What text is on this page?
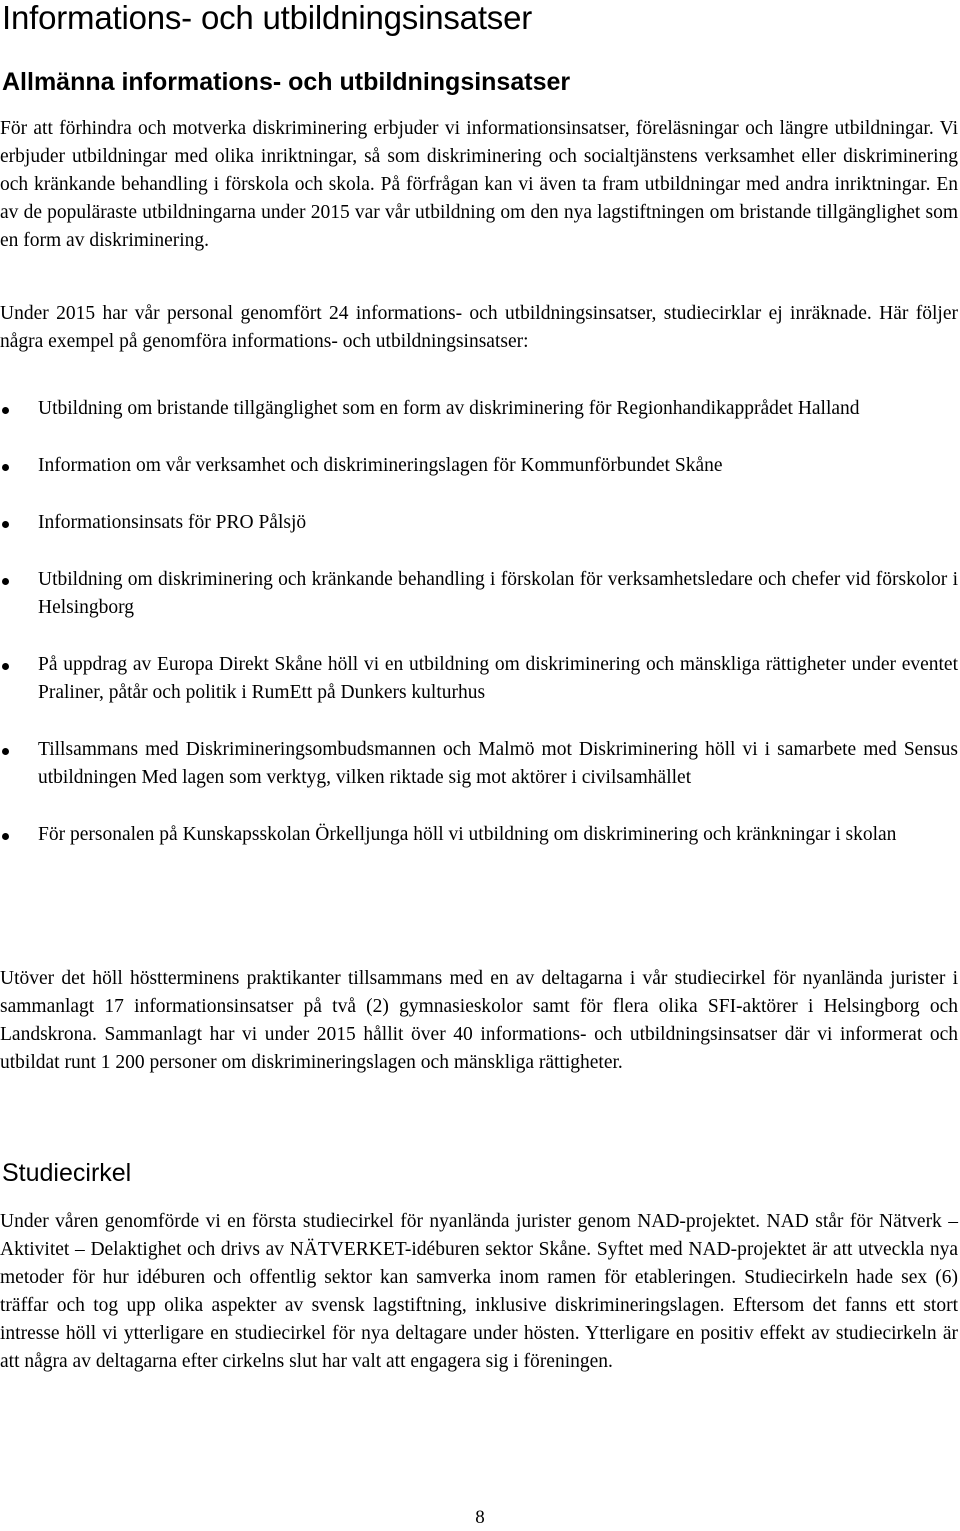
Informations- och utbildningsinsatser
Allmänna informations- och utbildningsinsatser

För att förhindra och motverka diskriminering erbjuder vi informationsinsatser, föreläsningar och längre utbildningar. Vi erbjuder utbildningar med olika inriktningar, så som diskriminering och socialtjänstens verksamhet eller diskriminering och kränkande behandling i förskola och skola. På förfrågan kan vi även ta fram utbildningar med andra inriktningar. En av de populäraste utbildningarna under 2015 var vår utbildning om den nya lagstiftningen om bristande tillgänglighet som en form av diskriminering.

Under 2015 har vår personal genomfört 24 informations- och utbildningsinsatser, studiecirklar ej inräknade. Här följer några exempel på genomföra informations- och utbildningsinsatser:

Utbildning om bristande tillgänglighet som en form av diskriminering för Regionhandikapprådet Halland
Information om vår verksamhet och diskrimineringslagen för Kommunförbundet Skåne
Informationsinsats för PRO Pålsjö
Utbildning om diskriminering och kränkande behandling i förskolan för verksamhetsledare och chefer vid förskolor i Helsingborg
På uppdrag av Europa Direkt Skåne höll vi en utbildning om diskriminering och mänskliga rättigheter under eventet Praliner, påtår och politik i RumEtt på Dunkers kulturhus
Tillsammans med Diskrimineringsombudsmannen och Malmö mot Diskriminering höll vi i samarbete med Sensus utbildningen Med lagen som verktyg, vilken riktade sig mot aktörer i civilsamhället
För personalen på Kunskapsskolan Örkelljunga höll vi utbildning om diskriminering och kränkningar i skolan

Utöver det höll höstterminens praktikanter tillsammans med en av deltagarna i vår studiecirkel för nyanlända jurister i sammanlagt 17 informationsinsatser på två (2) gymnasieskolor samt för flera olika SFI-aktörer i Helsingborg och Landskrona. Sammanlagt har vi under 2015 hållit över 40 informations- och utbildningsinsatser där vi informerat och utbildat runt 1 200 personer om diskrimineringslagen och mänskliga rättigheter.

Studiecirkel

Under våren genomförde vi en första studiecirkel för nyanlända jurister genom NAD-projektet. NAD står för Nätverk – Aktivitet – Delaktighet och drivs av NÄTVERKET-idéburen sektor Skåne. Syftet med NAD-projektet är att utveckla nya metoder för hur idéburen och offentlig sektor kan samverka inom ramen för etableringen. Studiecirkeln hade sex (6) träffar och tog upp olika aspekter av svensk lagstiftning, inklusive diskrimineringslagen. Eftersom det fanns ett stort intresse höll vi ytterligare en studiecirkel för nya deltagare under hösten. Ytterligare en positiv effekt av studiecirkeln är att några av deltagarna efter cirkelns slut har valt att engagera sig i föreningen.

8
